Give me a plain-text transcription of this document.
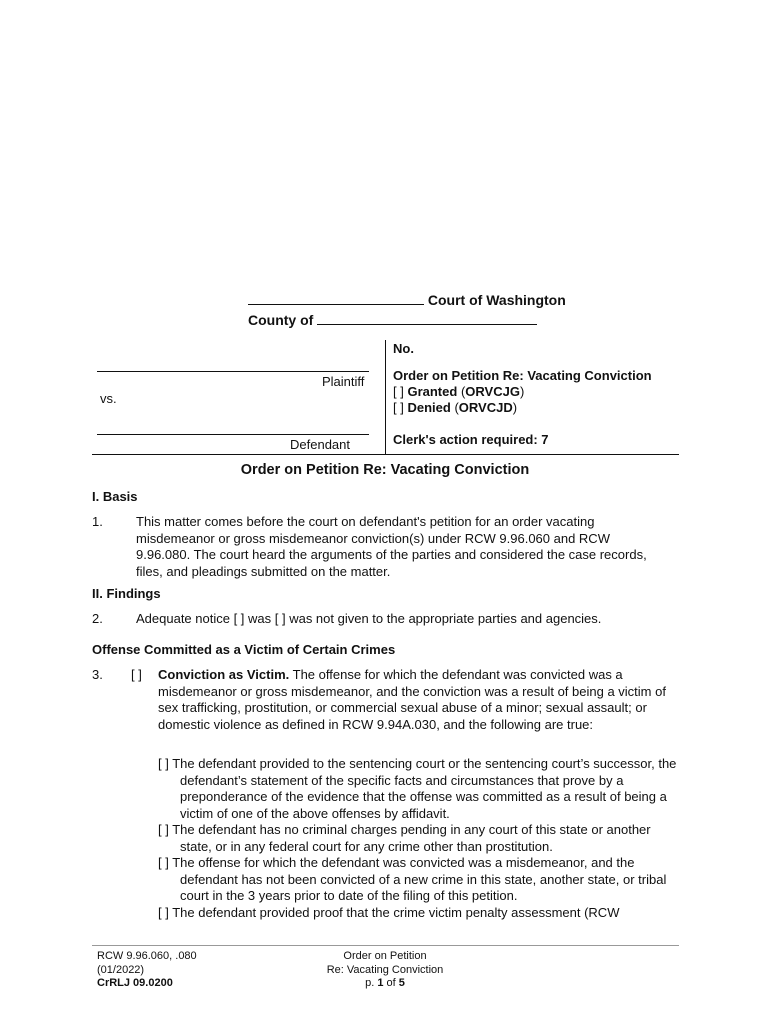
Court of Washington
County of
Plaintiff
vs.
Defendant
No.
Order on Petition Re: Vacating Conviction
[ ] Granted (ORVCJG)
[ ] Denied (ORVCJD)
Clerk's action required: 7
Order on Petition Re: Vacating Conviction
I. Basis
1.	This matter comes before the court on defendant's petition for an order vacating misdemeanor or gross misdemeanor conviction(s) under RCW 9.96.060 and RCW 9.96.080. The court heard the arguments of the parties and considered the case records, files, and pleadings submitted on the matter.
II. Findings
2.	Adequate notice [ ] was [ ] was not given to the appropriate parties and agencies.
Offense Committed as a Victim of Certain Crimes
3. [ ] Conviction as Victim. The offense for which the defendant was convicted was a misdemeanor or gross misdemeanor, and the conviction was a result of being a victim of sex trafficking, prostitution, or commercial sexual abuse of a minor; sexual assault; or domestic violence as defined in RCW 9.94A.030, and the following are true:
[ ] The defendant provided to the sentencing court or the sentencing court’s successor, the defendant’s statement of the specific facts and circumstances that prove by a preponderance of the evidence that the offense was committed as a result of being a victim of one of the above offenses by affidavit.
[ ] The defendant has no criminal charges pending in any court of this state or another state, or in any federal court for any crime other than prostitution.
[ ] The offense for which the defendant was convicted was a misdemeanor, and the defendant has not been convicted of a new crime in this state, another state, or tribal court in the 3 years prior to date of the filing of this petition.
[ ] The defendant provided proof that the crime victim penalty assessment (RCW
RCW 9.96.060, .080
(01/2022)
CrRLJ 09.0200
Order on Petition
Re: Vacating Conviction
p. 1 of 5
